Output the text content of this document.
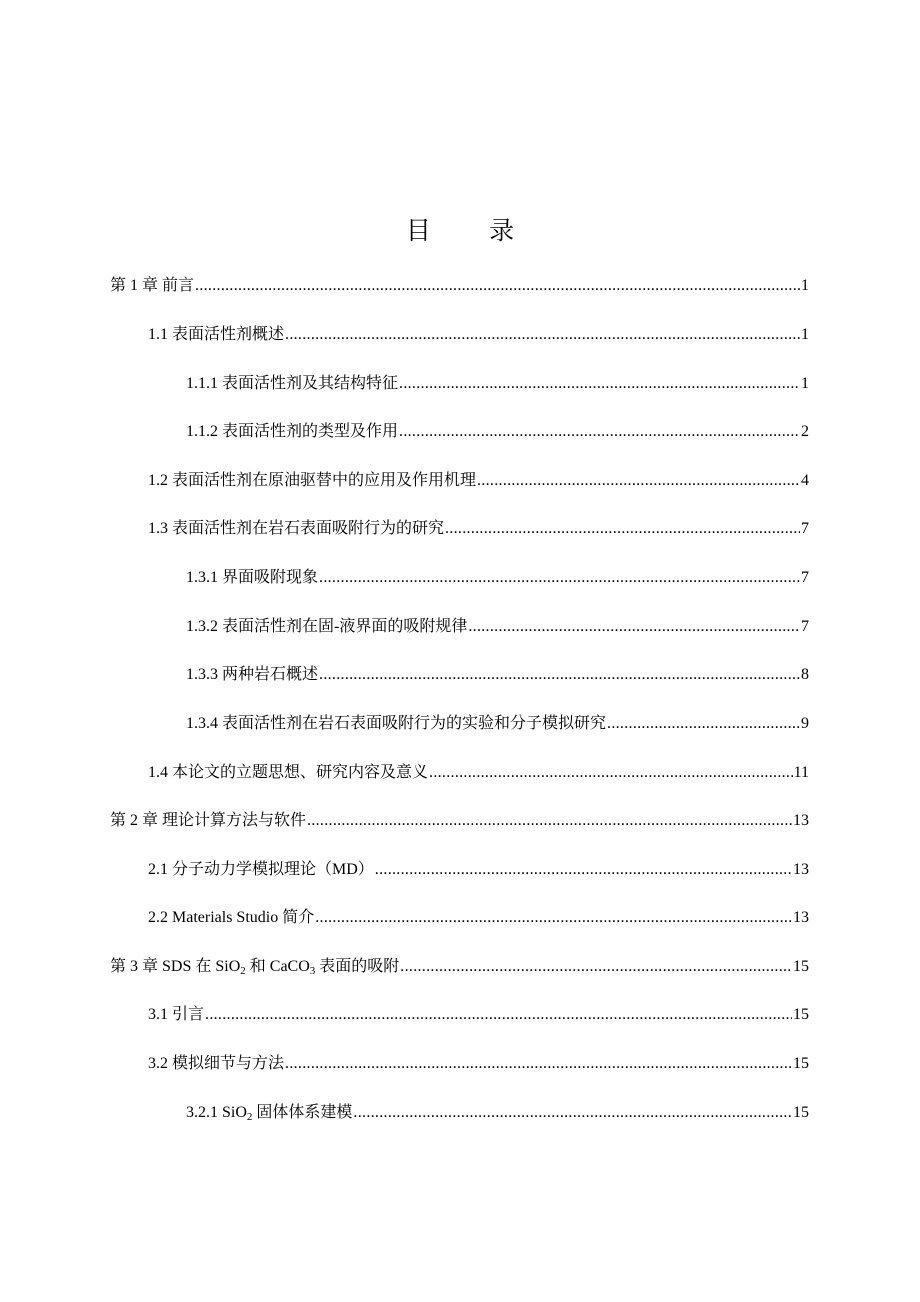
目 录
第 1 章 前言 .....	1
1.1 表面活性剂概述 .....	1
1.1.1 表面活性剂及其结构特征 .....	1
1.1.2 表面活性剂的类型及作用 .....	2
1.2 表面活性剂在原油驱替中的应用及作用机理 .....	4
1.3 表面活性剂在岩石表面吸附行为的研究 .....	7
1.3.1 界面吸附现象 .....	7
1.3.2 表面活性剂在固-液界面的吸附规律 .....	7
1.3.3 两种岩石概述 .....	8
1.3.4 表面活性剂在岩石表面吸附行为的实验和分子模拟研究 .....	9
1.4 本论文的立题思想、研究内容及意义 .....	11
第 2 章 理论计算方法与软件 .....	13
2.1 分子动力学模拟理论（MD） .....	13
2.2 Materials Studio 简介 .....	13
第 3 章 SDS 在 SiO$_2$ 和 CaCO$_3$ 表面的吸附 .....	15
3.1 引言 .....	15
3.2 模拟细节与方法 .....	15
3.2.1 SiO$_2$ 固体体系建模 .....	15
